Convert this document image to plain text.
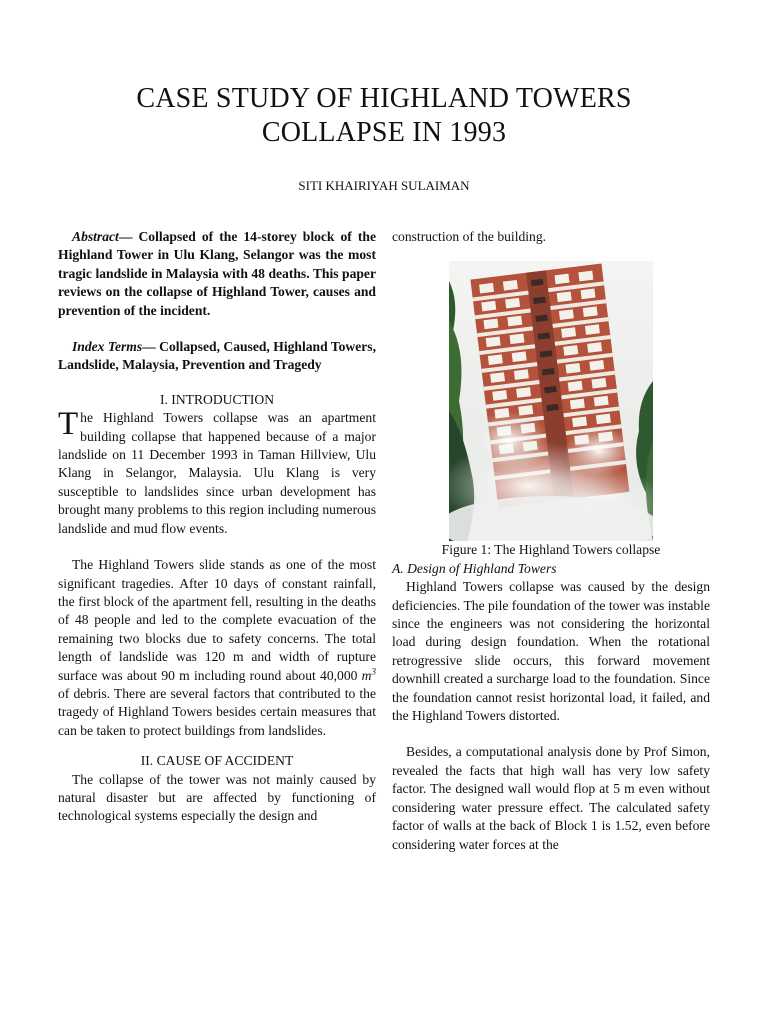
CASE STUDY OF HIGHLAND TOWERS
COLLAPSE IN 1993
SITI KHAIRIYAH SULAIMAN

Abstract— Collapsed of the 14-storey block of the Highland Tower in Ulu Klang, Selangor was the most tragic landslide in Malaysia with 48 deaths. This paper reviews on the collapse of Highland Tower, causes and prevention of the incident.

Index Terms— Collapsed, Caused, Highland Towers, Landslide, Malaysia, Prevention and Tragedy

I. INTRODUCTION

The Highland Towers collapse was an apartment building collapse that happened because of a major landslide on 11 December 1993 in Taman Hillview, Ulu Klang in Selangor, Malaysia. Ulu Klang is very susceptible to landslides since urban development has brought many problems to this region including numerous landslide and mud flow events.

The Highland Towers slide stands as one of the most significant tragedies. After 10 days of constant rainfall, the first block of the apartment fell, resulting in the deaths of 48 people and led to the complete evacuation of the remaining two blocks due to safety concerns. The total length of landslide was 120 m and width of rupture surface was about 90 m including round about 40,000 $m^3$ of debris. There are several factors that contributed to the tragedy of Highland Towers besides certain measures that can be taken to protect buildings from landslides.

II. CAUSE OF ACCIDENT

The collapse of the tower was not mainly caused by natural disaster but are affected by functioning of technological systems especially the design and

construction of the building.

Figure 1: The Highland Towers collapse

A. Design of Highland Towers

Highland Towers collapse was caused by the design deficiencies. The pile foundation of the tower was instable since the engineers was not considering the horizontal load during design foundation. When the rotational retrogressive slide occurs, this forward movement downhill created a surcharge load to the foundation. Since the foundation cannot resist horizontal load, it failed, and the Highland Towers distorted.

Besides, a computational analysis done by Prof Simon, revealed the facts that high wall has very low safety factor. The designed wall would flop at 5 m even without considering water pressure effect. The calculated safety factor of walls at the back of Block 1 is 1.52, even before considering water forces at the
